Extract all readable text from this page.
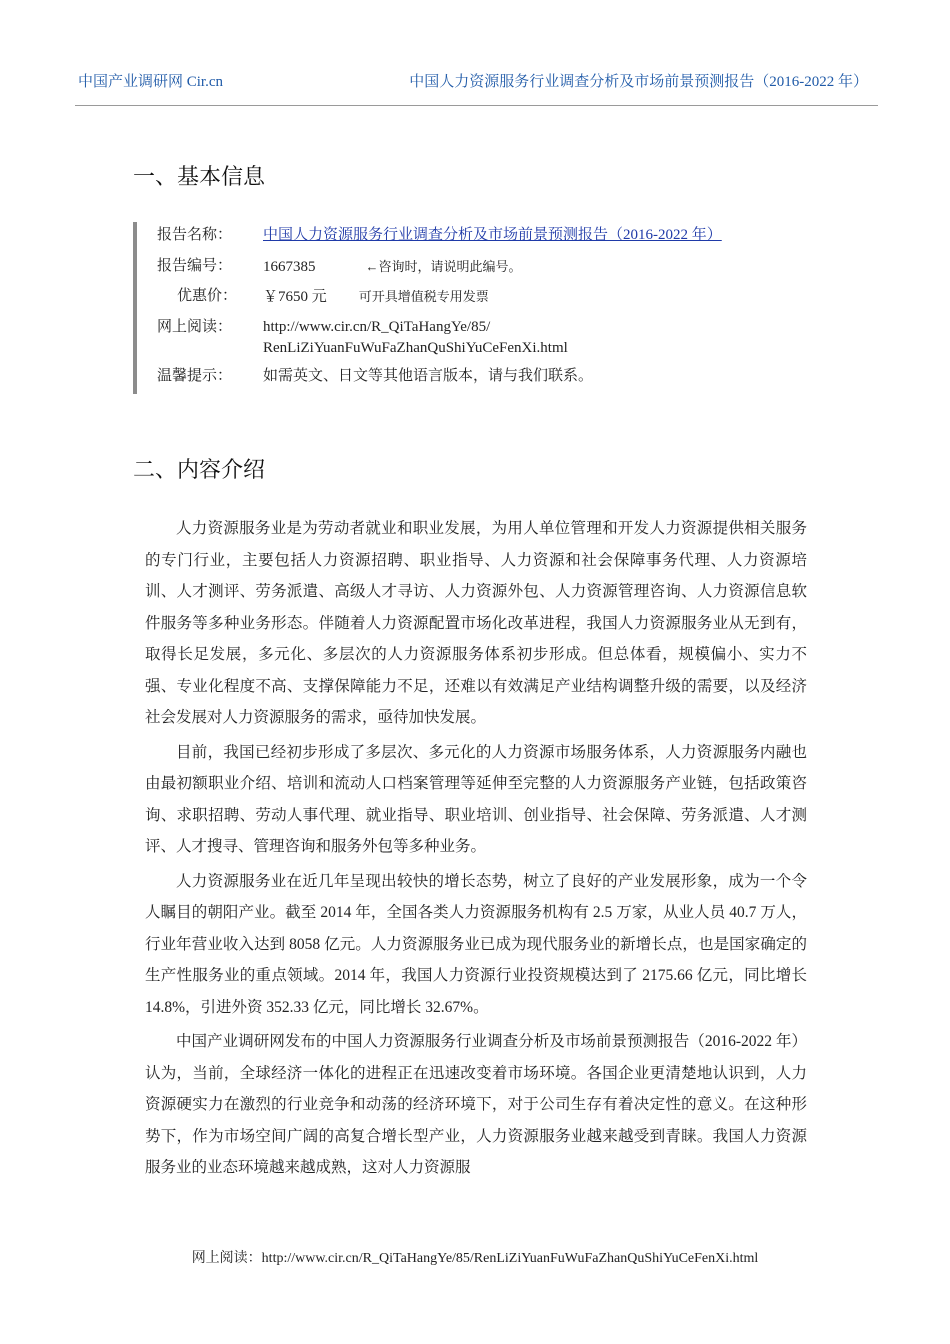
中国产业调研网 Cir.cn	中国人力资源服务行业调查分析及市场前景预测报告（2016-2022 年）
一、基本信息
报告名称：	中国人力资源服务行业调查分析及市场前景预测报告（2016-2022 年）
报告编号：	1667385	←咨询时，请说明此编号。
优惠价： ￥7650 元 可开具增值税专用发票
网上阅读：	http://www.cir.cn/R_QiTaHangYe/85/
RenLiZiYuanFuWuFaZhanQuShiYuCeFenXi.html
温馨提示：	如需英文、日文等其他语言版本，请与我们联系。
二、内容介绍

人力资源服务业是为劳动者就业和职业发展，为用人单位管理和开发人力资源提供相关服务的专门行业，主要包括人力资源招聘、职业指导、人力资源和社会保障事务代理、人力资源培训、人才测评、劳务派遣、高级人才寻访、人力资源外包、人力资源管理咨询、人力资源信息软件服务等多种业务形态。伴随着人力资源配置市场化改革进程，我国人力资源服务业从无到有，取得长足发展，多元化、多层次的人力资源服务体系初步形成。但总体看，规模偏小、实力不强、专业化程度不高、支撑保障能力不足，还难以有效满足产业结构调整升级的需要，以及经济社会发展对人力资源服务的需求，亟待加快发展。

目前，我国已经初步形成了多层次、多元化的人力资源市场服务体系，人力资源服务内融也由最初额职业介绍、培训和流动人口档案管理等延伸至完整的人力资源服务产业链，包括政策咨询、求职招聘、劳动人事代理、就业指导、职业培训、创业指导、社会保障、劳务派遣、人才测评、人才搜寻、管理咨询和服务外包等多种业务。

人力资源服务业在近几年呈现出较快的增长态势，树立了良好的产业发展形象，成为一个令人瞩目的朝阳产业。截至 2014 年，全国各类人力资源服务机构有 2.5 万家，从业人员 40.7 万人，行业年营业收入达到 8058 亿元。人力资源服务业已成为现代服务业的新增长点，也是国家确定的生产性服务业的重点领域。2014 年，我国人力资源行业投资规模达到了 2175.66 亿元，同比增长 14.8%，引进外资 352.33 亿元，同比增长 32.67%。

中国产业调研网发布的中国人力资源服务行业调查分析及市场前景预测报告（2016-2022 年）认为，当前，全球经济一体化的进程正在迅速改变着市场环境。各国企业更清楚地认识到，人力资源硬实力在激烈的行业竞争和动荡的经济环境下，对于公司生存有着决定性的意义。在这种形势下，作为市场空间广阔的高复合增长型产业，人力资源服务业越来越受到青睐。我国人力资源服务业的业态环境越来越成熟，这对人力资源服

网上阅读：http://www.cir.cn/R_QiTaHangYe/85/RenLiZiYuanFuWuFaZhanQuShiYuCeFenXi.html
